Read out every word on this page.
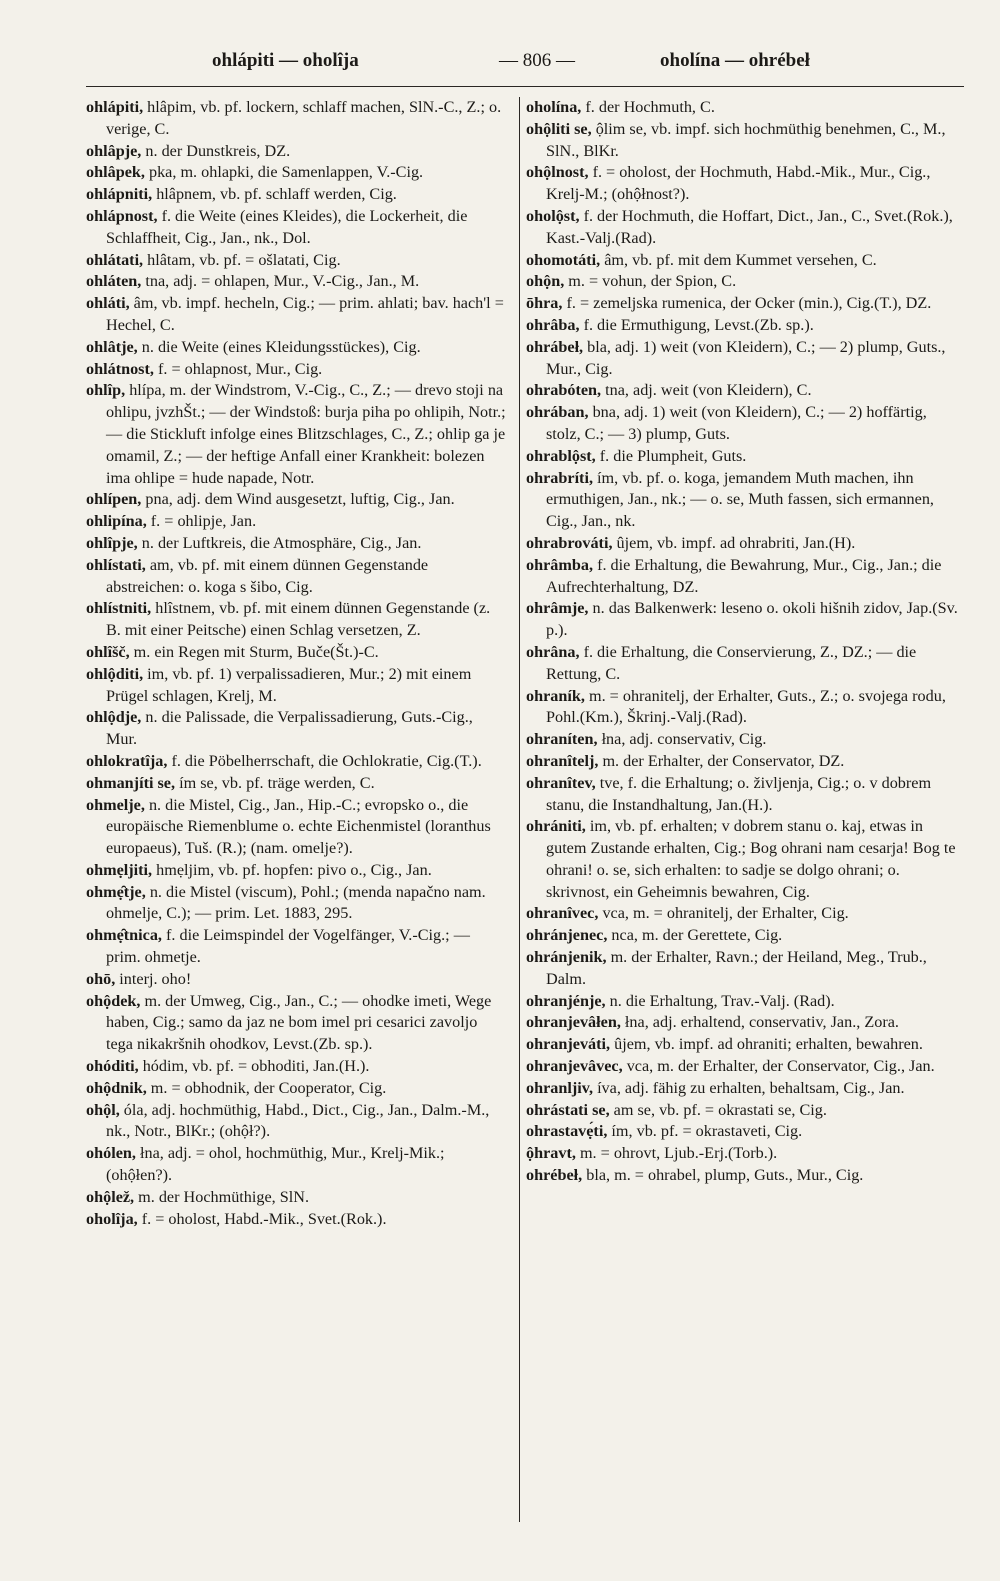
ohlápiti — oholîja	— 806 —	oholína — ohrébeł

ohlápiti, hlâpim, vb. pf. lockern, schlaff machen, SlN.-C., Z.; o. verige, C.

ohlâpje, n. der Dunstkreis, DZ.

ohlâpek, pka, m. ohlapki, die Samenlappen, V.-Cig.

ohlápniti, hlâpnem, vb. pf. schlaff werden, Cig.

ohlápnost, f. die Weite (eines Kleides), die Lockerheit, die Schlaffheit, Cig., Jan., nk., Dol.

ohlátati, hlâtam, vb. pf. = ošlatati, Cig.

ohláten, tna, adj. = ohlapen, Mur., V.-Cig., Jan., M.

ohláti, âm, vb. impf. hecheln, Cig.; — prim. ahlati; bav. hach'l = Hechel, C.

ohlâtje, n. die Weite (eines Kleidungsstückes), Cig.

ohlátnost, f. = ohlapnost, Mur., Cig.

ohlîp, hlípa, m. der Windstrom, V.-Cig., C., Z.; — drevo stoji na ohlipu, jvzhŠt.; — der Windstoß: burja piha po ohlipih, Notr.; — die Stickluft infolge eines Blitzschlages, C., Z.; ohlip ga je omamil, Z.; — der heftige Anfall einer Krankheit: bolezen ima ohlipe = hude napade, Notr.

ohlípen, pna, adj. dem Wind ausgesetzt, luftig, Cig., Jan.

ohlipína, f. = ohlipje, Jan.

ohlîpje, n. der Luftkreis, die Atmosphäre, Cig., Jan.

ohlístati, am, vb. pf. mit einem dünnen Gegenstande abstreichen: o. koga s šibo, Cig.

ohlístniti, hlîstnem, vb. pf. mit einem dünnen Gegenstande (z. B. mit einer Peitsche) einen Schlag versetzen, Z.

ohlîšč, m. ein Regen mit Sturm, Buče(Št.)-C.

ohlộditi, im, vb. pf. 1) verpalissadieren, Mur.; 2) mit einem Prügel schlagen, Krelj, M.

ohlộdje, n. die Palissade, die Verpalissadierung, Guts.-Cig., Mur.

ohlokratîja, f. die Pöbelherrschaft, die Ochlokratie, Cig.(T.).

ohmanjíti se, ím se, vb. pf. träge werden, C.

ohmelje, n. die Mistel, Cig., Jan., Hip.-C.; evropsko o., die europäische Riemenblume o. echte Eichenmistel (loranthus europaeus), Tuš. (R.); (nam. omelje?).

ohmẹljiti, hmẹljim, vb. pf. hopfen: pivo o., Cig., Jan.

ohmẹ̑tje, n. die Mistel (viscum), Pohl.; (menda napačno nam. ohmelje, C.); — prim. Let. 1883, 295.

ohmẹ̑tnica, f. die Leimspindel der Vogelfänger, V.-Cig.; — prim. ohmetje.

ohō, interj. oho!

ohộdek, m. der Umweg, Cig., Jan., C.; — ohodke imeti, Wege haben, Cig.; samo da jaz ne bom imel pri cesarici zavoljo tega nikakršnih ohodkov, Levst.(Zb. sp.).

ohóditi, hódim, vb. pf. = obhoditi, Jan.(H.).

ohộdnik, m. = obhodnik, der Cooperator, Cig.

ohộl, óla, adj. hochmüthig, Habd., Dict., Cig., Jan., Dalm.-M., nk., Notr., BlKr.; (ohộł?).

ohólen, łna, adj. = ohol, hochmüthig, Mur., Krelj-Mik.; (ohộłen?).

ohộlež, m. der Hochmüthige, SlN.

oholîja, f. = oholost, Habd.-Mik., Svet.(Rok.).

oholína, f. der Hochmuth, C.

ohộliti se, ộlim se, vb. impf. sich hochmüthig benehmen, C., M., SlN., BlKr.

ohộlnost, f. = oholost, der Hochmuth, Habd.-Mik., Mur., Cig., Krelj-M.; (ohộłnost?).

oholộst, f. der Hochmuth, die Hoffart, Dict., Jan., C., Svet.(Rok.), Kast.-Valj.(Rad).

ohomotáti, âm, vb. pf. mit dem Kummet versehen, C.

ohộn, m. = vohun, der Spion, C.

ōhra, f. = zemeljska rumenica, der Ocker (min.), Cig.(T.), DZ.

ohrâba, f. die Ermuthigung, Levst.(Zb. sp.).

ohrábeł, bla, adj. 1) weit (von Kleidern), C.; — 2) plump, Guts., Mur., Cig.

ohrabóten, tna, adj. weit (von Kleidern), C.

ohrában, bna, adj. 1) weit (von Kleidern), C.; — 2) hoffärtig, stolz, C.; — 3) plump, Guts.

ohrablộst, f. die Plumpheit, Guts.

ohrabríti, ím, vb. pf. o. koga, jemandem Muth machen, ihn ermuthigen, Jan., nk.; — o. se, Muth fassen, sich ermannen, Cig., Jan., nk.

ohrabrováti, ûjem, vb. impf. ad ohrabriti, Jan.(H).

ohrâmba, f. die Erhaltung, die Bewahrung, Mur., Cig., Jan.; die Aufrechterhaltung, DZ.

ohrâmje, n. das Balkenwerk: leseno o. okoli hišnih zidov, Jap.(Sv. p.).

ohrâna, f. die Erhaltung, die Conservierung, Z., DZ.; — die Rettung, C.

ohraník, m. = ohranitelj, der Erhalter, Guts., Z.; o. svojega rodu, Pohl.(Km.), Škrinj.-Valj.(Rad).

ohraníten, łna, adj. conservativ, Cig.

ohranîtelj, m. der Erhalter, der Conservator, DZ.

ohranîtev, tve, f. die Erhaltung; o. življenja, Cig.; o. v dobrem stanu, die Instandhaltung, Jan.(H.).

ohrániti, im, vb. pf. erhalten; v dobrem stanu o. kaj, etwas in gutem Zustande erhalten, Cig.; Bog ohrani nam cesarja! Bog te ohrani! o. se, sich erhalten: to sadje se dolgo ohrani; o. skrivnost, ein Geheimnis bewahren, Cig.

ohranîvec, vca, m. = ohranitelj, der Erhalter, Cig.

ohránjenec, nca, m. der Gerettete, Cig.

ohránjenik, m. der Erhalter, Ravn.; der Heiland, Meg., Trub., Dalm.

ohranjénje, n. die Erhaltung, Trav.-Valj. (Rad).

ohranjevâłen, łna, adj. erhaltend, conservativ, Jan., Zora.

ohranjeváti, ûjem, vb. impf. ad ohraniti; erhalten, bewahren.

ohranjevâvec, vca, m. der Erhalter, der Conservator, Cig., Jan.

ohranljiv, íva, adj. fähig zu erhalten, behaltsam, Cig., Jan.

ohrástati se, am se, vb. pf. = okrastati se, Cig.

ohrastavẹ́ti, ím, vb. pf. = okrastaveti, Cig.

ộhravt, m. = ohrovt, Ljub.-Erj.(Torb.).

ohrébeł, bla, m. = ohrabel, plump, Guts., Mur., Cig.
